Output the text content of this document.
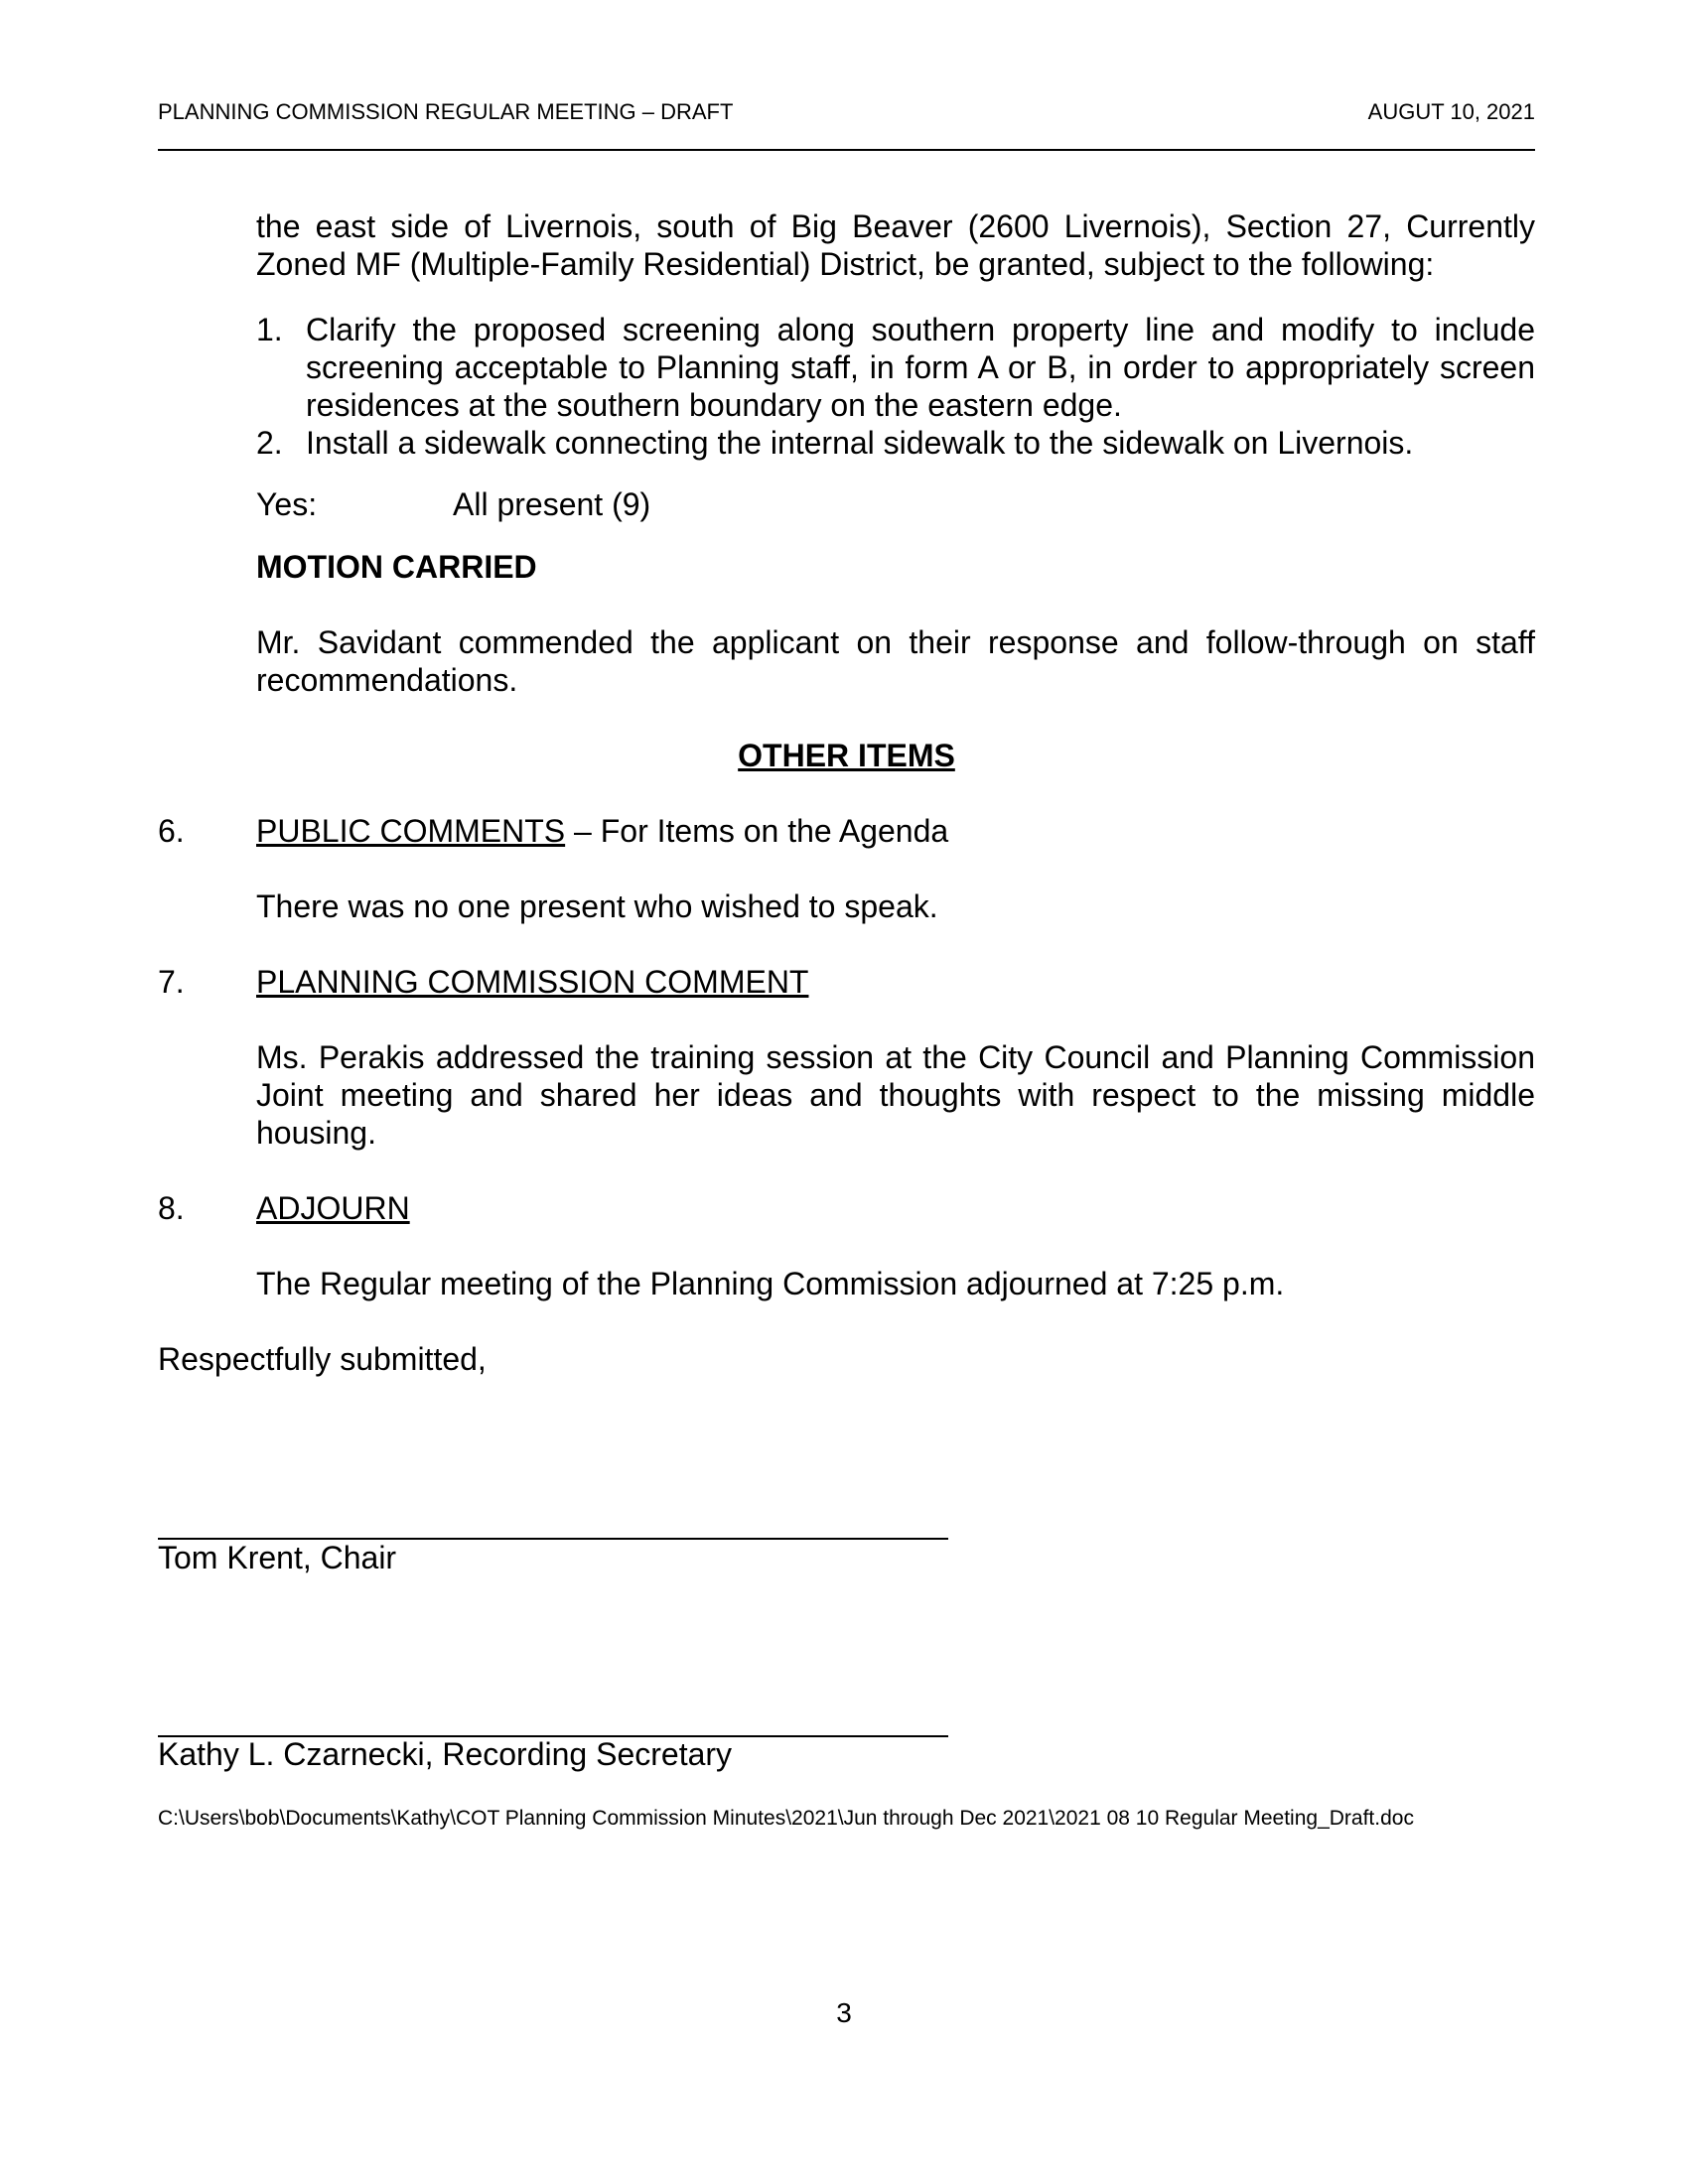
PLANNING COMMISSION REGULAR MEETING – DRAFT	AUGUT 10, 2021
the east side of Livernois, south of Big Beaver (2600 Livernois), Section 27, Currently Zoned MF (Multiple-Family Residential) District, be granted, subject to the following:
1. Clarify the proposed screening along southern property line and modify to include screening acceptable to Planning staff, in form A or B, in order to appropriately screen residences at the southern boundary on the eastern edge.
2. Install a sidewalk connecting the internal sidewalk to the sidewalk on Livernois.
Yes:	All present (9)
MOTION CARRIED
Mr. Savidant commended the applicant on their response and follow-through on staff recommendations.
OTHER ITEMS
6. PUBLIC COMMENTS – For Items on the Agenda
There was no one present who wished to speak.
7. PLANNING COMMISSION COMMENT
Ms. Perakis addressed the training session at the City Council and Planning Commission Joint meeting and shared her ideas and thoughts with respect to the missing middle housing.
8. ADJOURN
The Regular meeting of the Planning Commission adjourned at 7:25 p.m.
Respectfully submitted,
Tom Krent, Chair
Kathy L. Czarnecki, Recording Secretary
C:\Users\bob\Documents\Kathy\COT Planning Commission Minutes\2021\Jun through Dec 2021\2021 08 10 Regular Meeting_Draft.doc
3
